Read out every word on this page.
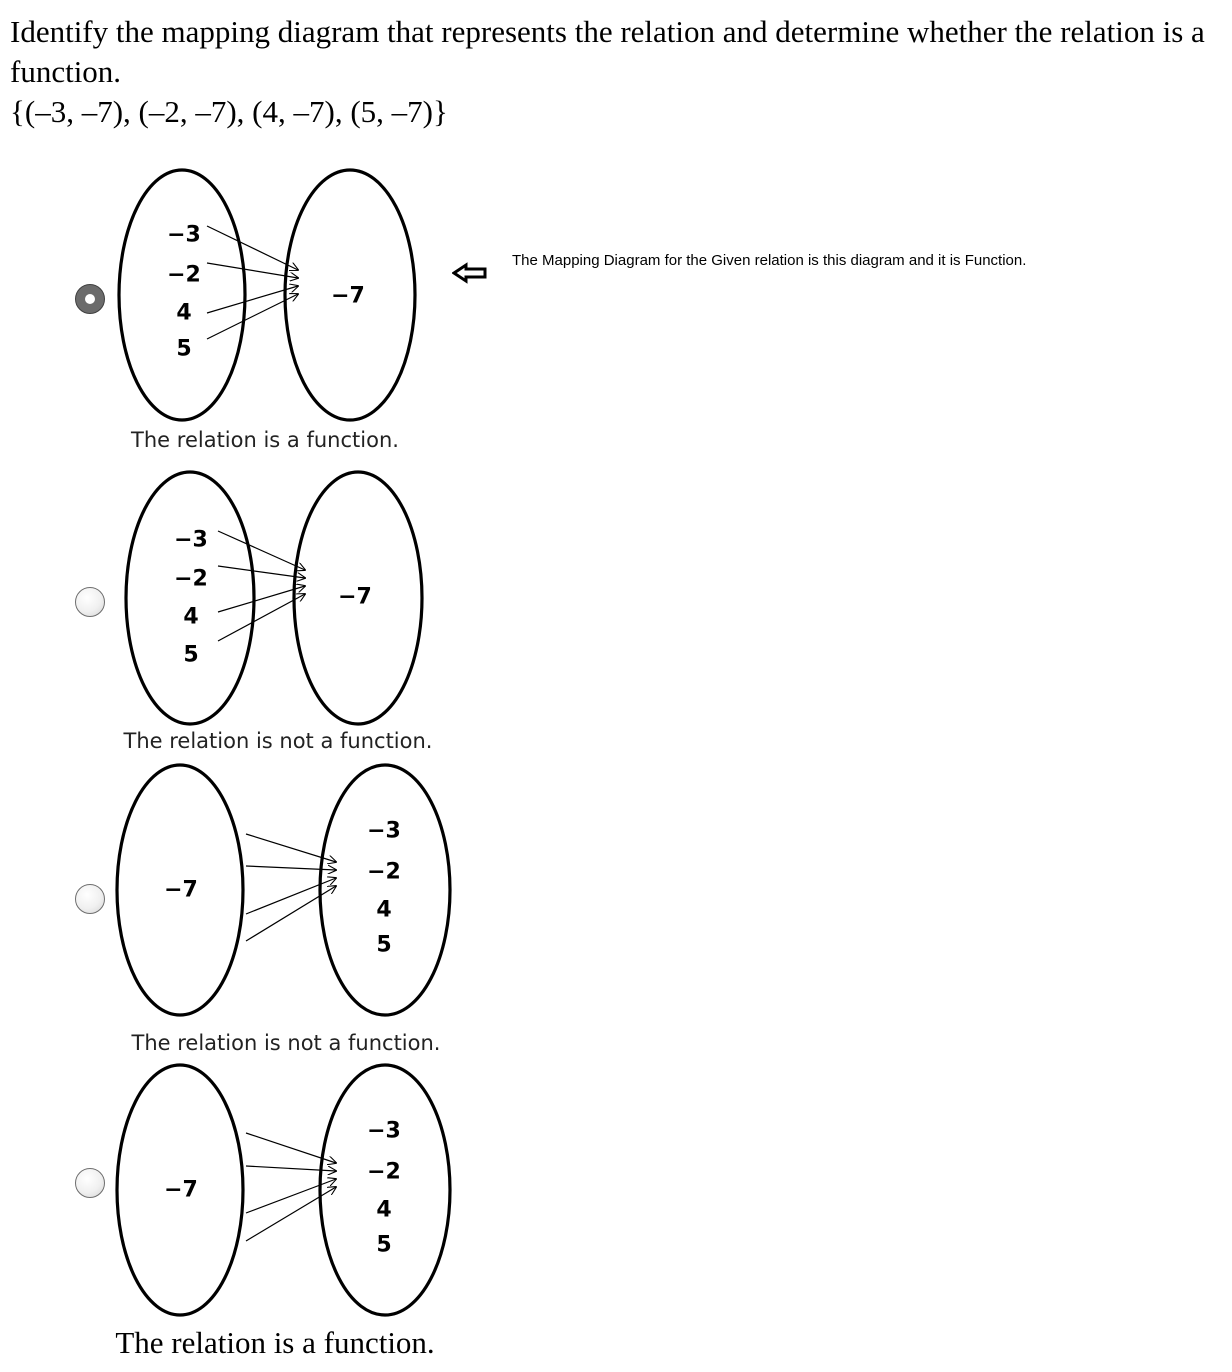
Identify the mapping diagram that represents the relation and determine whether the relation is a function.

{(–3, –7), (–2, –7), (4, –7), (5, –7)}

−3
−2
4
5
−7
−3
−2
4
5
−7
−7
−3
−2
4
5
−7
−3
−2
4
5
The relation is a function.
The relation is not a function.
The relation is not a function.
The relation is a function.
The Mapping Diagram for the Given relation is this diagram and it is Function.
